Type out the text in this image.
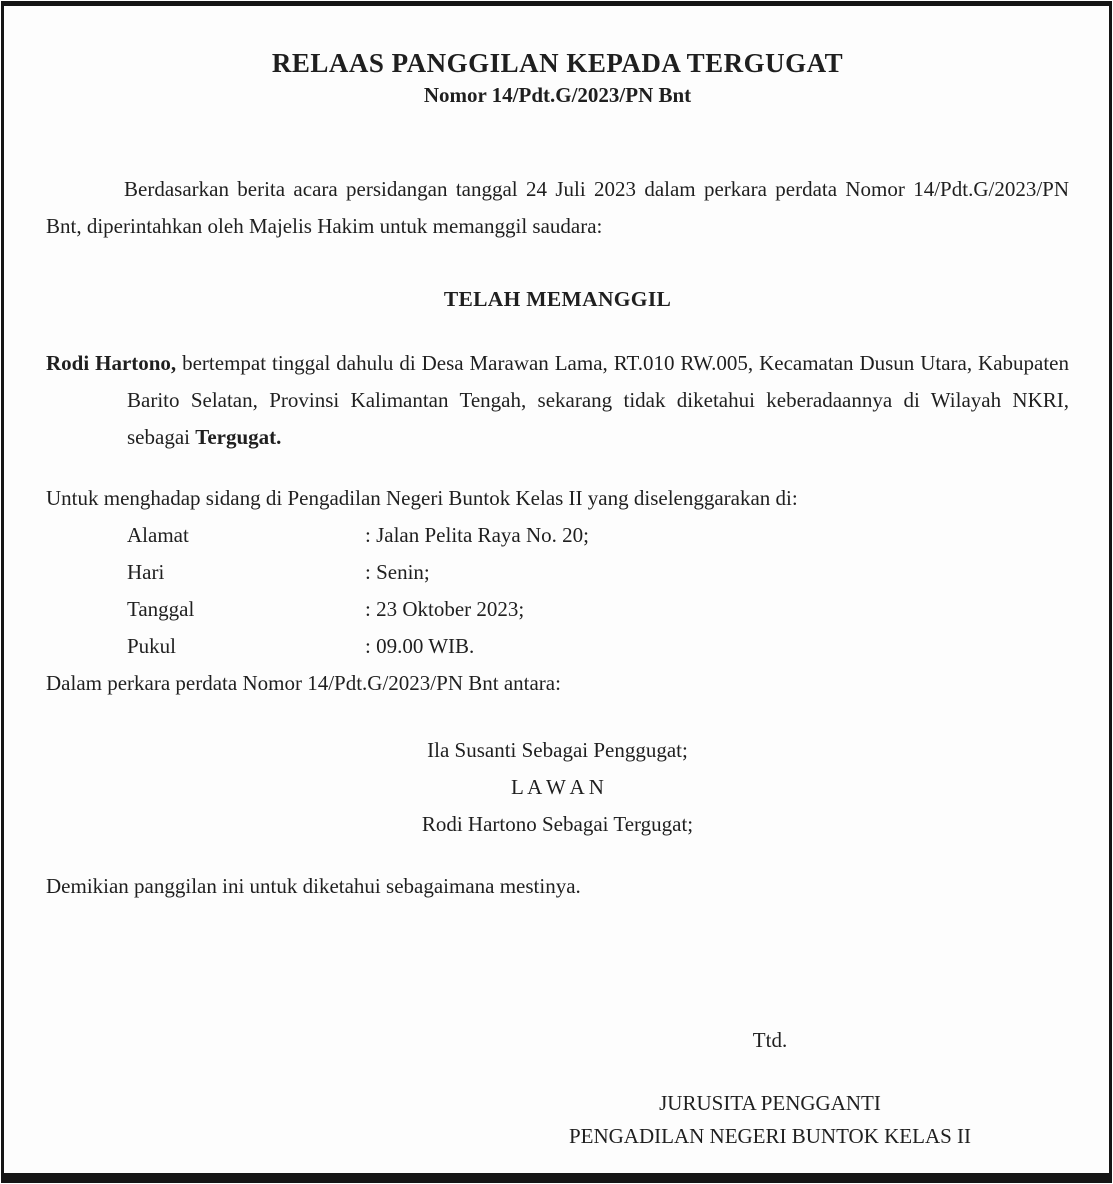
RELAAS PANGGILAN KEPADA TERGUGAT
Nomor 14/Pdt.G/2023/PN Bnt

Berdasarkan berita acara persidangan tanggal 24 Juli 2023 dalam perkara perdata Nomor 14/Pdt.G/2023/PN Bnt, diperintahkan oleh Majelis Hakim untuk memanggil saudara:

TELAH MEMANGGIL

Rodi Hartono, bertempat tinggal dahulu di Desa Marawan Lama, RT.010 RW.005, Kecamatan Dusun Utara, Kabupaten Barito Selatan, Provinsi Kalimantan Tengah, sekarang tidak diketahui keberadaannya di Wilayah NKRI, sebagai Tergugat.

Untuk menghadap sidang di Pengadilan Negeri Buntok Kelas II yang diselenggarakan di:

Alamat	: Jalan Pelita Raya No. 20;
Hari	: Senin;
Tanggal	: 23 Oktober 2023;
Pukul	: 09.00 WIB.

Dalam perkara perdata Nomor 14/Pdt.G/2023/PN Bnt antara:

Ila Susanti Sebagai Penggugat;
L A W A N
Rodi Hartono Sebagai Tergugat;

Demikian panggilan ini untuk diketahui sebagaimana mestinya.

Ttd.
JURUSITA PENGGANTI
PENGADILAN NEGERI BUNTOK KELAS II
